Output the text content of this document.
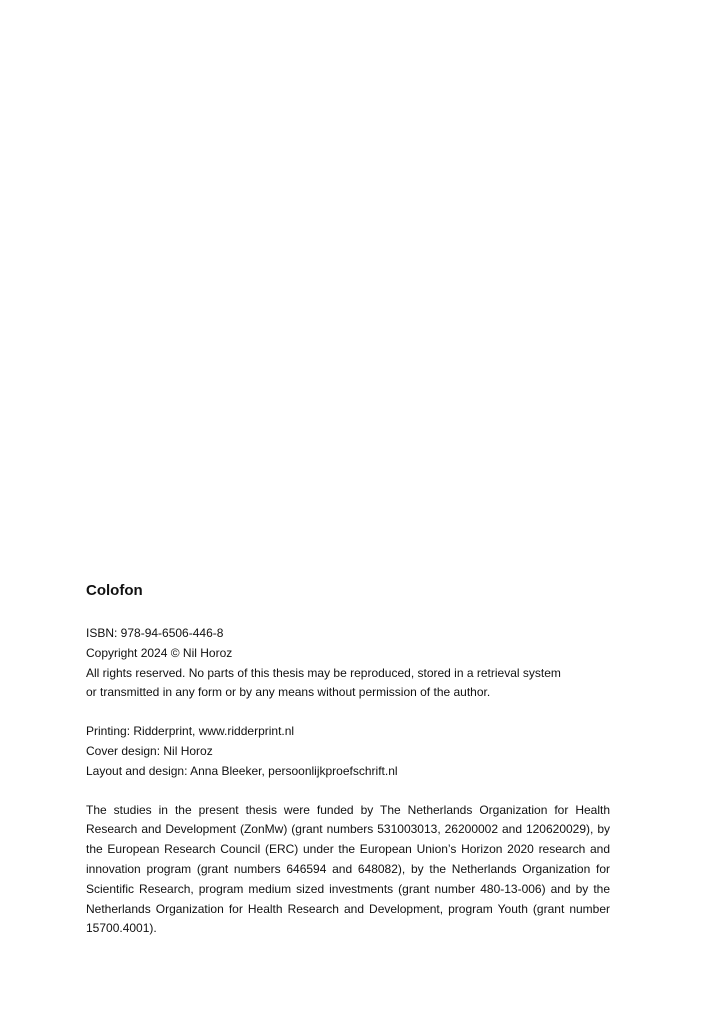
Colofon
ISBN: 978-94-6506-446-8
Copyright 2024 © Nil Horoz
All rights reserved. No parts of this thesis may be reproduced, stored in a retrieval system
or transmitted in any form or by any means without permission of the author.
Printing: Ridderprint, www.ridderprint.nl
Cover design: Nil Horoz
Layout and design: Anna Bleeker, persoonlijkproefschrift.nl

The studies in the present thesis were funded by The Netherlands Organization for Health Research and Development (ZonMw) (grant numbers 531003013, 26200002 and 120620029), by the European Research Council (ERC) under the European Union’s Horizon 2020 research and innovation program (grant numbers 646594 and 648082), by the Netherlands Organization for Scientific Research, program medium sized investments (grant number 480-13-006) and by the Netherlands Organization for Health Research and Development, program Youth (grant number 15700.4001).
